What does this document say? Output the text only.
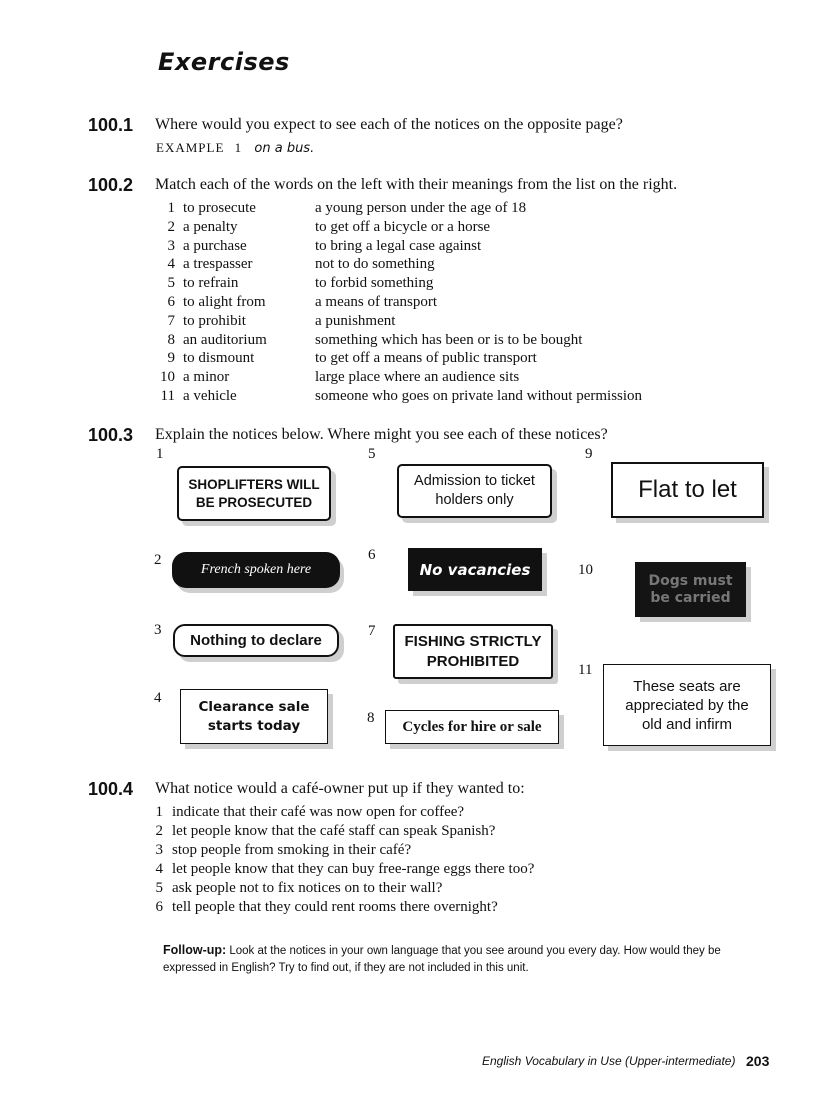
Exercises
100.1 Where would you expect to see each of the notices on the opposite page?
EXAMPLE 1 on a bus.
100.2 Match each of the words on the left with their meanings from the list on the right.
1 to prosecute	a young person under the age of 18
2 a penalty	to get off a bicycle or a horse
3 a purchase	to bring a legal case against
4 a trespasser	not to do something
5 to refrain	to forbid something
6 to alight from	a means of transport
7 to prohibit	a punishment
8 an auditorium	something which has been or is to be bought
9 to dismount	to get off a means of public transport
10 a minor	large place where an audience sits
11 a vehicle	someone who goes on private land without permission
100.3 Explain the notices below. Where might you see each of these notices?
1
2
3
4
5
6
7
8
9
10
11
SHOPLIFTERS WILL
BE PROSECUTED
French spoken here
Nothing to declare
Clearance sale
starts today
Admission to ticket
holders only
No vacancies
FISHING STRICTLY
PROHIBITED
Cycles for hire or sale
Flat to let
Dogs must
be carried
These seats are
appreciated by the
old and infirm
100.4 What notice would a café-owner put up if they wanted to:
1 indicate that their café was now open for coffee?
2 let people know that the café staff can speak Spanish?
3 stop people from smoking in their café?
4 let people know that they can buy free-range eggs there too?
5 ask people not to fix notices on to their wall?
6 tell people that they could rent rooms there overnight?
Follow-up: Look at the notices in your own language that you see around you every day. How would they be expressed in English? Try to find out, if they are not included in this unit.
English Vocabulary in Use (Upper-intermediate) 203
